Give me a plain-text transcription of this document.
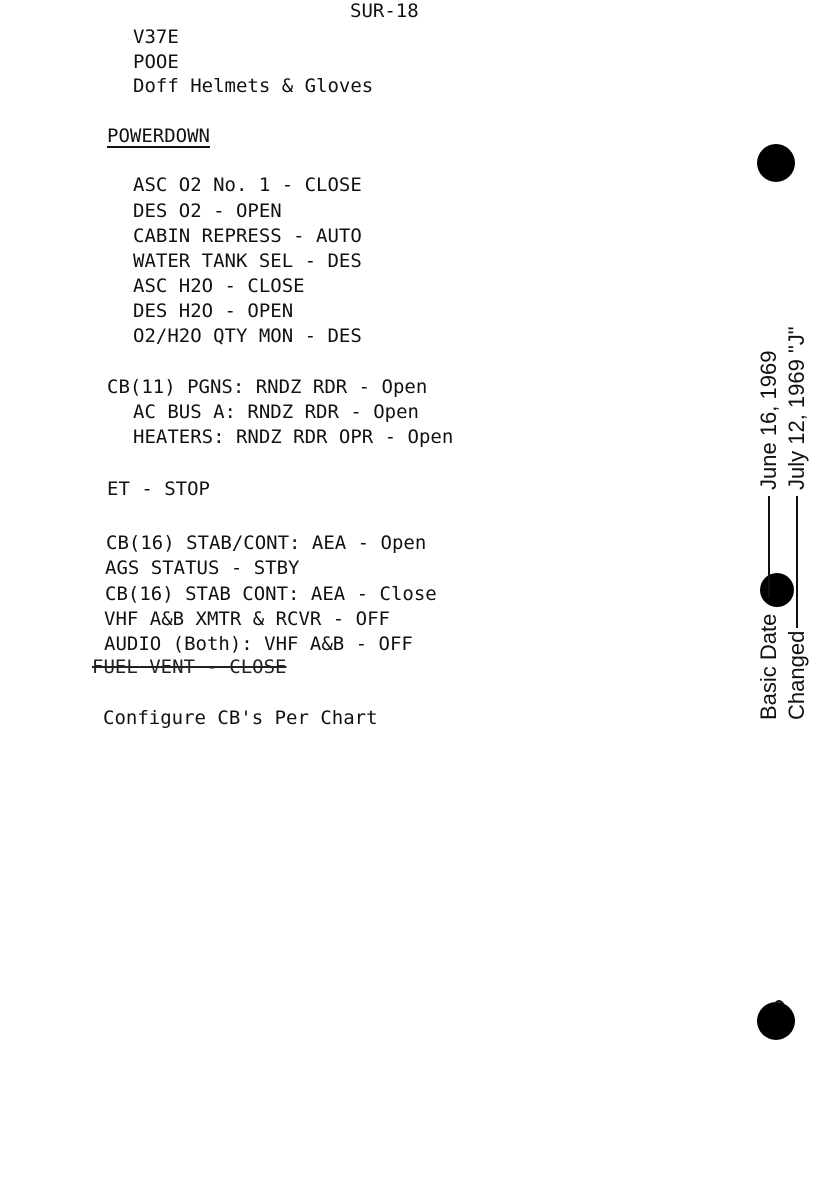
SUR-18
V37E
POOE
Doff Helmets & Gloves
POWERDOWN
ASC O2 No. 1 - CLOSE
DES O2 - OPEN
CABIN REPRESS - AUTO
WATER TANK SEL - DES
ASC H2O - CLOSE
DES H2O - OPEN
O2/H2O QTY MON - DES
CB(11) PGNS: RNDZ RDR - Open
AC BUS A: RNDZ RDR - Open
HEATERS: RNDZ RDR OPR - Open
ET - STOP
CB(16) STAB/CONT: AEA - Open
AGS STATUS - STBY
CB(16) STAB CONT: AEA - Close
VHF A&B XMTR & RCVR - OFF
AUDIO (Both): VHF A&B - OFF
FUEL VENT - CLOSE
Configure CB's Per Chart	Basic Date
June 16, 1969
Changed
July 12, 1969 "J"
